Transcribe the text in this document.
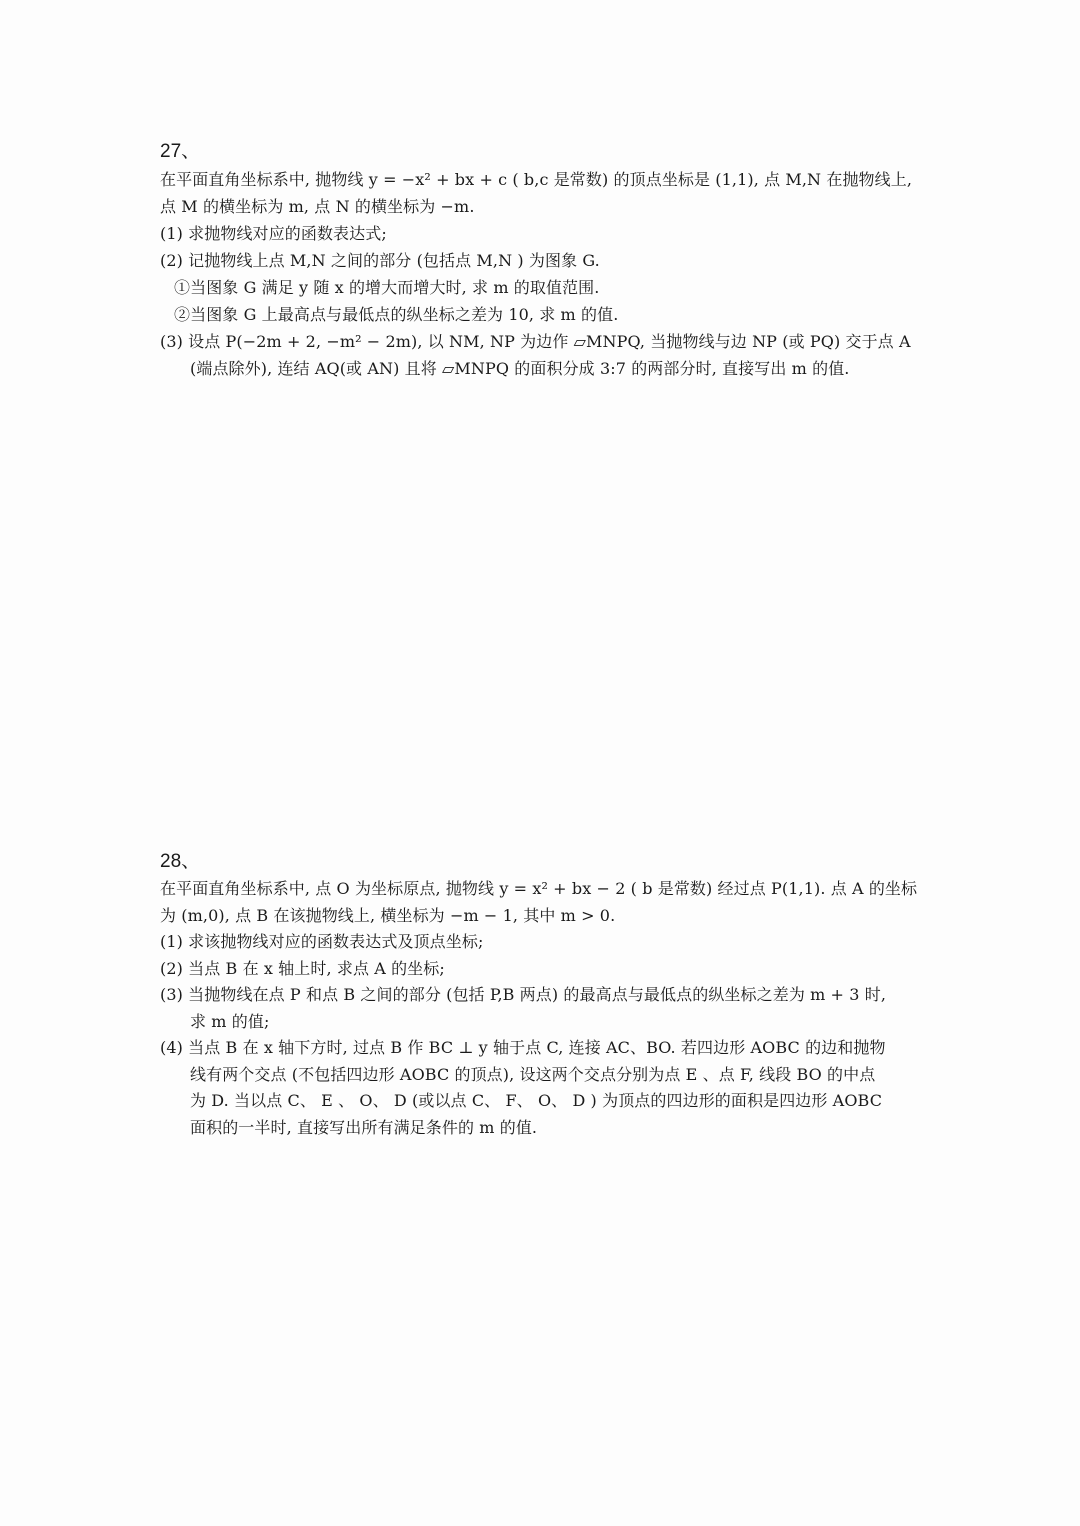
27、
在平面直角坐标系中, 抛物线 y = −x² + bx + c ( b,c 是常数) 的顶点坐标是 (1,1), 点 M,N 在抛物线上,
点 M 的横坐标为 m, 点 N 的横坐标为 −m.
(1) 求抛物线对应的函数表达式;
(2) 记抛物线上点 M,N 之间的部分 (包括点 M,N ) 为图象 G.
①当图象 G 满足 y 随 x 的增大而增大时, 求 m 的取值范围.
②当图象 G 上最高点与最低点的纵坐标之差为 10, 求 m 的值.
(3) 设点 P(−2m + 2, −m² − 2m), 以 NM, NP 为边作 ▱MNPQ, 当抛物线与边 NP (或 PQ) 交于点 A
(端点除外), 连结 AQ(或 AN) 且将 ▱MNPQ 的面积分成 3:7 的两部分时, 直接写出 m 的值.
28、
在平面直角坐标系中, 点 O 为坐标原点, 抛物线 y = x² + bx − 2 ( b 是常数) 经过点 P(1,1). 点 A 的坐标
为 (m,0), 点 B 在该抛物线上, 横坐标为 −m − 1, 其中 m > 0.
(1) 求该抛物线对应的函数表达式及顶点坐标;
(2) 当点 B 在 x 轴上时, 求点 A 的坐标;
(3) 当抛物线在点 P 和点 B 之间的部分 (包括 P,B 两点) 的最高点与最低点的纵坐标之差为 m + 3 时,
求 m 的值;
(4) 当点 B 在 x 轴下方时, 过点 B 作 BC ⊥ y 轴于点 C, 连接 AC、BO. 若四边形 AOBC 的边和抛物
线有两个交点 (不包括四边形 AOBC 的顶点), 设这两个交点分别为点 E 、点 F, 线段 BO 的中点
为 D. 当以点 C、 E 、 O、 D (或以点 C、 F、 O、 D ) 为顶点的四边形的面积是四边形 AOBC
面积的一半时, 直接写出所有满足条件的 m 的值.
